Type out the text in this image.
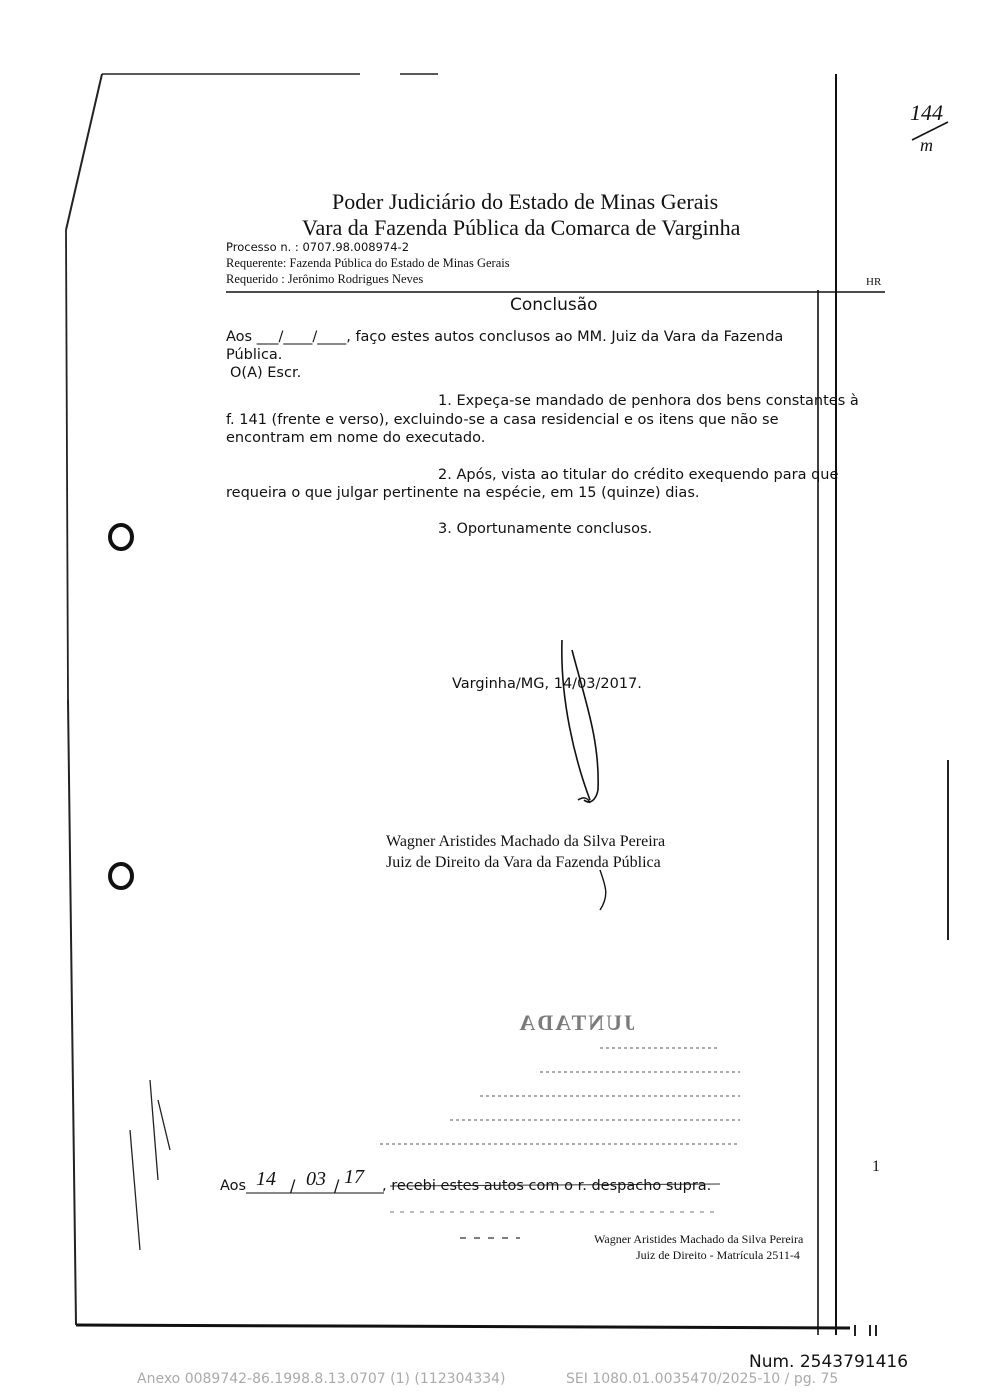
144
m
Poder Judiciário do Estado de Minas Gerais
Vara da Fazenda Pública da Comarca de Varginha
Processo n. : 0707.98.008974-2
Requerente: Fazenda Pública do Estado de Minas Gerais
Requerido : Jerônimo Rodrigues Neves	HR
Conclusão
Aos ___/____/____, faço estes autos conclusos ao MM. Juiz da Vara da Fazenda
Pública.
O(A) Escr.
1. Expeça-se mandado de penhora dos bens constantes à
f. 141 (frente e verso), excluindo-se a casa residencial e os itens que não se
encontram em nome do executado.
2. Após, vista ao titular do crédito exequendo para que
requeira o que julgar pertinente na espécie, em 15 (quinze) dias.
3. Oportunamente conclusos.
Varginha/MG, 14/03/2017.
Wagner Aristides Machado da Silva Pereira
Juiz de Direito da Vara da Fazenda Pública
JUNTADA
Aos 14 / 03 / 17 , recebi estes autos com o r. despacho supra.
1
Wagner Aristides Machado da Silva Pereira
Juiz de Direito - Matrícula 2511-4
Num. 2543791416
Anexo 0089742-86.1998.8.13.0707 (1) (112304334)	SEI 1080.01.0035470/2025-10 / pg. 75
